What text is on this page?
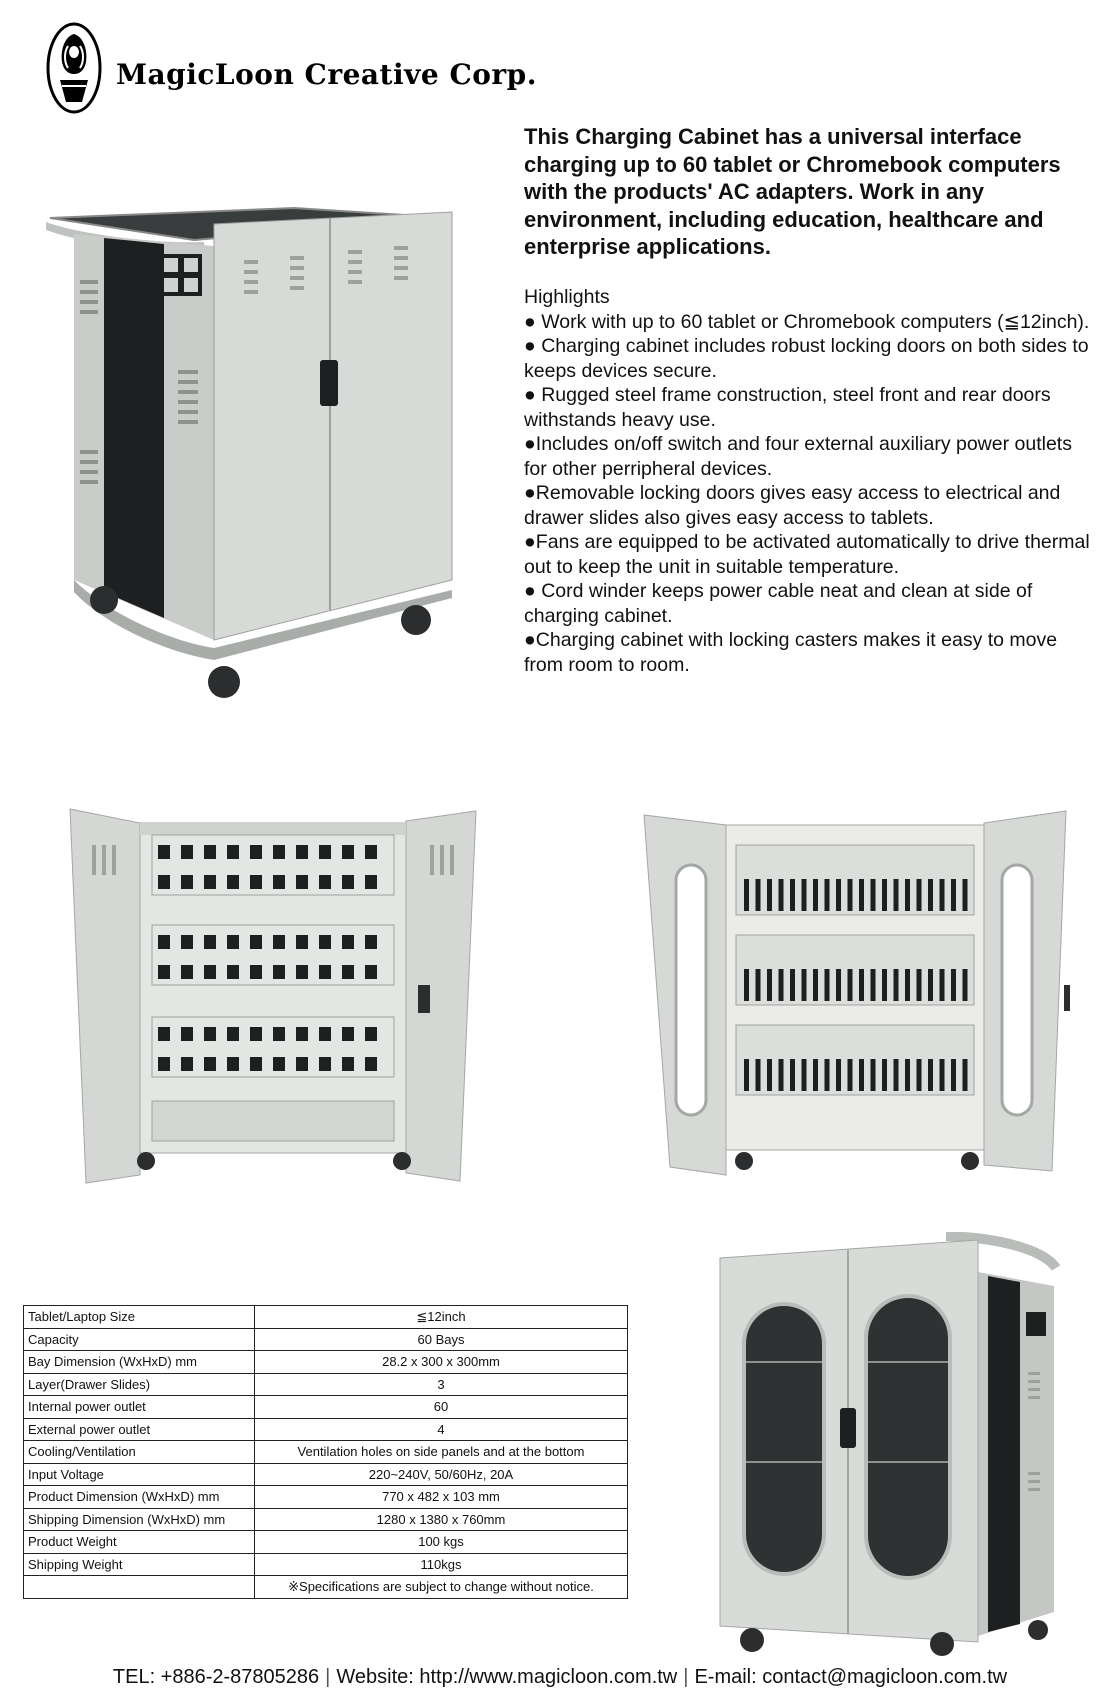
MagicLoon Creative Corp.
This Charging Cabinet has a universal interface charging up to 60 tablet or Chromebook computers with the products' AC adapters. Work in any environment, including education, healthcare and enterprise applications.
Highlights
● Work with up to 60 tablet or Chromebook computers (≦12inch).
● Charging cabinet includes robust locking doors on both sides to keeps devices secure.
● Rugged steel frame construction, steel front and rear doors withstands heavy use.
●Includes on/off switch and four external auxiliary power outlets for other perripheral devices.
●Removable locking doors gives easy access to electrical and drawer slides also gives easy access to tablets.
●Fans are equipped to be activated automatically to drive thermal out to keep the unit in suitable temperature.
● Cord winder keeps power cable neat and clean at side of charging cabinet.
●Charging cabinet with locking casters makes it easy to move from room to room.
Tablet/Laptop Size	≦12inch
Capacity	60 Bays
Bay Dimension (WxHxD) mm	28.2 x 300 x 300mm
Layer(Drawer Slides)	3
Internal power outlet	60
External power outlet	4
Cooling/Ventilation	Ventilation holes on side panels and at the bottom
Input Voltage	220~240V, 50/60Hz, 20A
Product Dimension (WxHxD) mm	770 x 482 x 103 mm
Shipping Dimension (WxHxD) mm	1280 x 1380 x 760mm
Product Weight	100 kgs
Shipping Weight	110kgs
	※Specifications are subject to change without notice.
TEL: +886-2-87805286 | Website: http://www.magicloon.com.tw | E-mail: contact@magicloon.com.tw
